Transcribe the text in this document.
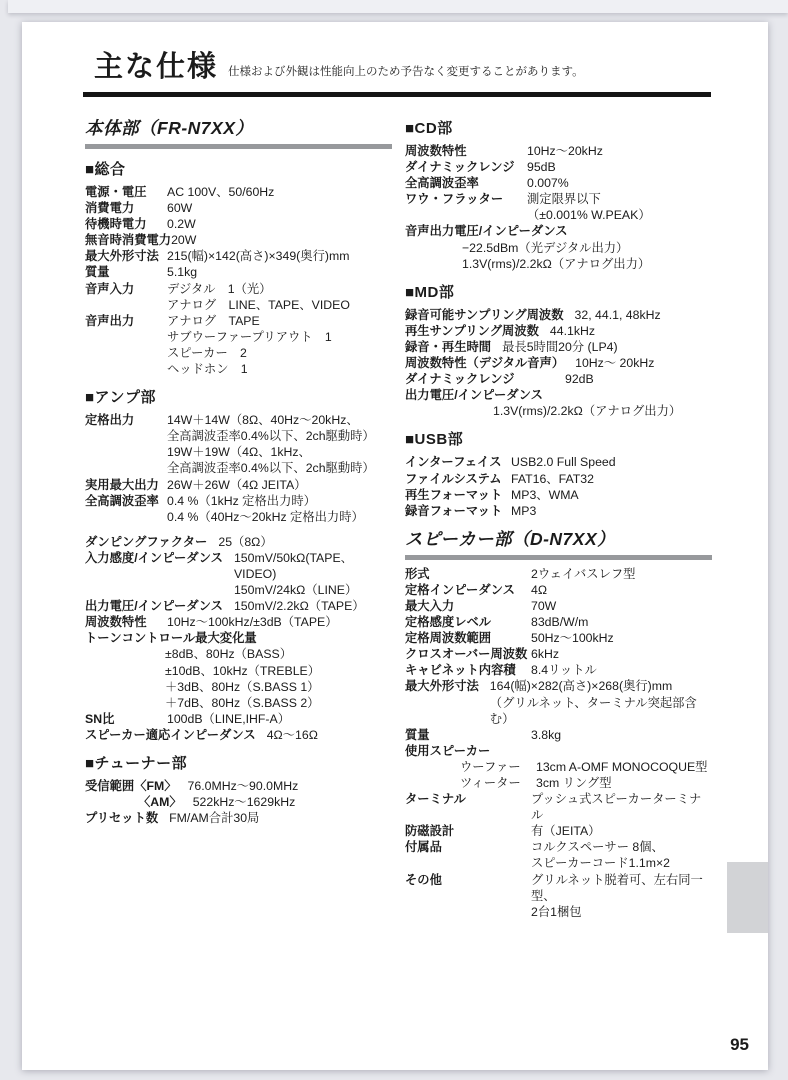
主な仕様 仕様および外観は性能向上のため予告なく変更することがあります。
本体部（FR-N7XX）
■総合
電源・電圧	AC 100V、50/60Hz
消費電力	60W
待機時電力	0.2W
無音時消費電力 20W
最大外形寸法 215(幅)×142(高さ)×349(奥行)mm
質量	5.1kg
音声入力	デジタル　1（光）
アナログ　LINE、TAPE、VIDEO
音声出力	アナログ　TAPE
サブウーファープリアウト　1
スピーカー　2
ヘッドホン　1
■アンプ部
定格出力	14W＋14W（8Ω、40Hz〜20kHz、
全高調波歪率0.4%以下、2ch駆動時）
19W＋19W（4Ω、1kHz、
全高調波歪率0.4%以下、2ch駆動時）
実用最大出力 26W＋26W（4Ω JEITA）
全高調波歪率 0.4 %（1kHz 定格出力時）
0.4 %（40Hz〜20kHz 定格出力時）
ダンピングファクター 25（8Ω）
入力感度/インピーダンス 150mV/50kΩ(TAPE、VIDEO)
150mV/24kΩ（LINE）
出力電圧/インピーダンス 150mV/2.2kΩ（TAPE）
周波数特性	10Hz〜100kHz/±3dB（TAPE）
トーンコントロール最大変化量
±8dB、80Hz（BASS）
±10dB、10kHz（TREBLE）
＋3dB、80Hz（S.BASS 1）
＋7dB、80Hz（S.BASS 2）
SN比	100dB（LINE,IHF-A）
スピーカー適応インピーダンス 4Ω〜16Ω
■チューナー部
受信範囲〈FM〉 76.0MHz〜90.0MHz
〈AM〉 522kHz〜1629kHz
プリセット数 FM/AM合計30局
■CD部
周波数特性	10Hz〜20kHz
ダイナミックレンジ	95dB
全高調波歪率	0.007%
ワウ・フラッター	測定限界以下
（±0.001% W.PEAK）
音声出力電圧/インピーダンス
−22.5dBm（光デジタル出力）
1.3V(rms)/2.2kΩ（アナログ出力）
■MD部
録音可能サンプリング周波数 32, 44.1, 48kHz
再生サンプリング周波数 44.1kHz
録音・再生時間 最長5時間20分 (LP4)
周波数特性（デジタル音声） 10Hz〜 20kHz
ダイナミックレンジ	92dB
出力電圧/インピーダンス
1.3V(rms)/2.2kΩ（アナログ出力）
■USB部
インターフェイス USB2.0 Full Speed
ファイルシステム FAT16、FAT32
再生フォーマット MP3、WMA
録音フォーマット MP3
スピーカー部（D-N7XX）
形式	2ウェイバスレフ型
定格インピーダンス	4Ω
最大入力	70W
定格感度レベル	83dB/W/m
定格周波数範囲	50Hz〜100kHz
クロスオーバー周波数 6kHz
キャビネット内容積	8.4リットル
最大外形寸法 164(幅)×282(高さ)×268(奥行)mm
（グリルネット、ターミナル突起部含む）
質量	3.8kg
使用スピーカー
ウーファー	13cm A-OMF MONOCOQUE型
ツィーター	3cm リング型
ターミナル	プッシュ式スピーカーターミナル
防磁設計	有（JEITA）
付属品	コルクスペーサー 8個、
スピーカーコード1.1m×2
その他	グリルネット脱着可、左右同一型、
2台1梱包
95
